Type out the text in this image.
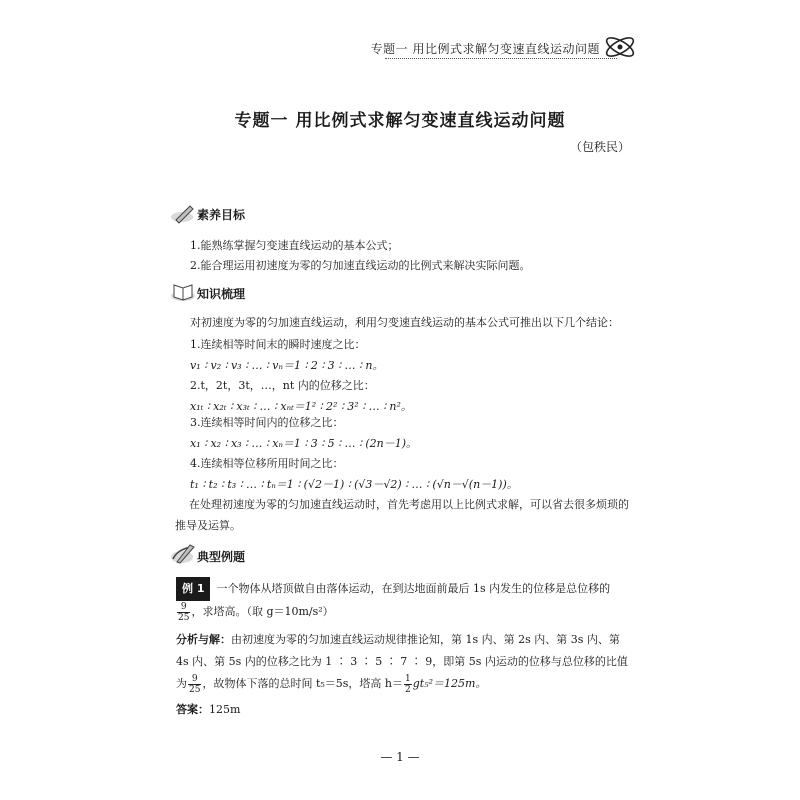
专题一 用比例式求解匀变速直线运动问题
专题一 用比例式求解匀变速直线运动问题
（包秩民）
素养目标
1.能熟练掌握匀变速直线运动的基本公式；
2.能合理运用初速度为零的匀加速直线运动的比例式来解决实际问题。
知识梳理
对初速度为零的匀加速直线运动，利用匀变速直线运动的基本公式可推出以下几个结论：
1.连续相等时间末的瞬时速度之比：
v₁ ∶ v₂ ∶ v₃ ∶ … ∶ vₙ＝1 ∶ 2 ∶ 3 ∶ … ∶ n。
2.t，2t，3t，…，nt 内的位移之比：
x₁ₜ ∶ x₂ₜ ∶ x₃ₜ ∶ … ∶ xₙₜ＝1² ∶ 2² ∶ 3² ∶ … ∶ n²。
3.连续相等时间内的位移之比：
x₁ ∶ x₂ ∶ x₃ ∶ … ∶ xₙ＝1 ∶ 3 ∶ 5 ∶ … ∶ (2n－1)。
4.连续相等位移所用时间之比：
t₁ ∶ t₂ ∶ t₃ ∶ … ∶ tₙ＝1 ∶ (√2－1) ∶ (√3－√2) ∶ … ∶ (√n－√(n－1))。
在处理初速度为零的匀加速直线运动时，首先考虑用以上比例式求解，可以省去很多烦琐的推导及运算。
典型例题
例 1 一个物体从塔顶做自由落体运动，在到达地面前最后 1s 内发生的位移是总位移的
$\frac{9}{25}$ ，求塔高。（取 g＝10m/s²）
分析与解：由初速度为零的匀加速直线运动规律推论知，第 1s 内、第 2s 内、第 3s 内、第 4s 内、第 5s 内的位移之比为 1 ∶ 3 ∶ 5 ∶ 7 ∶ 9，即第 5s 内运动的位移与总位移的比值为 $\frac{9}{25}$ ，故物体下落的总时间 t₅＝5s，塔高 $h= \frac{1}{2} gt_5^2=125m$。
答案：125m
— 1 —
